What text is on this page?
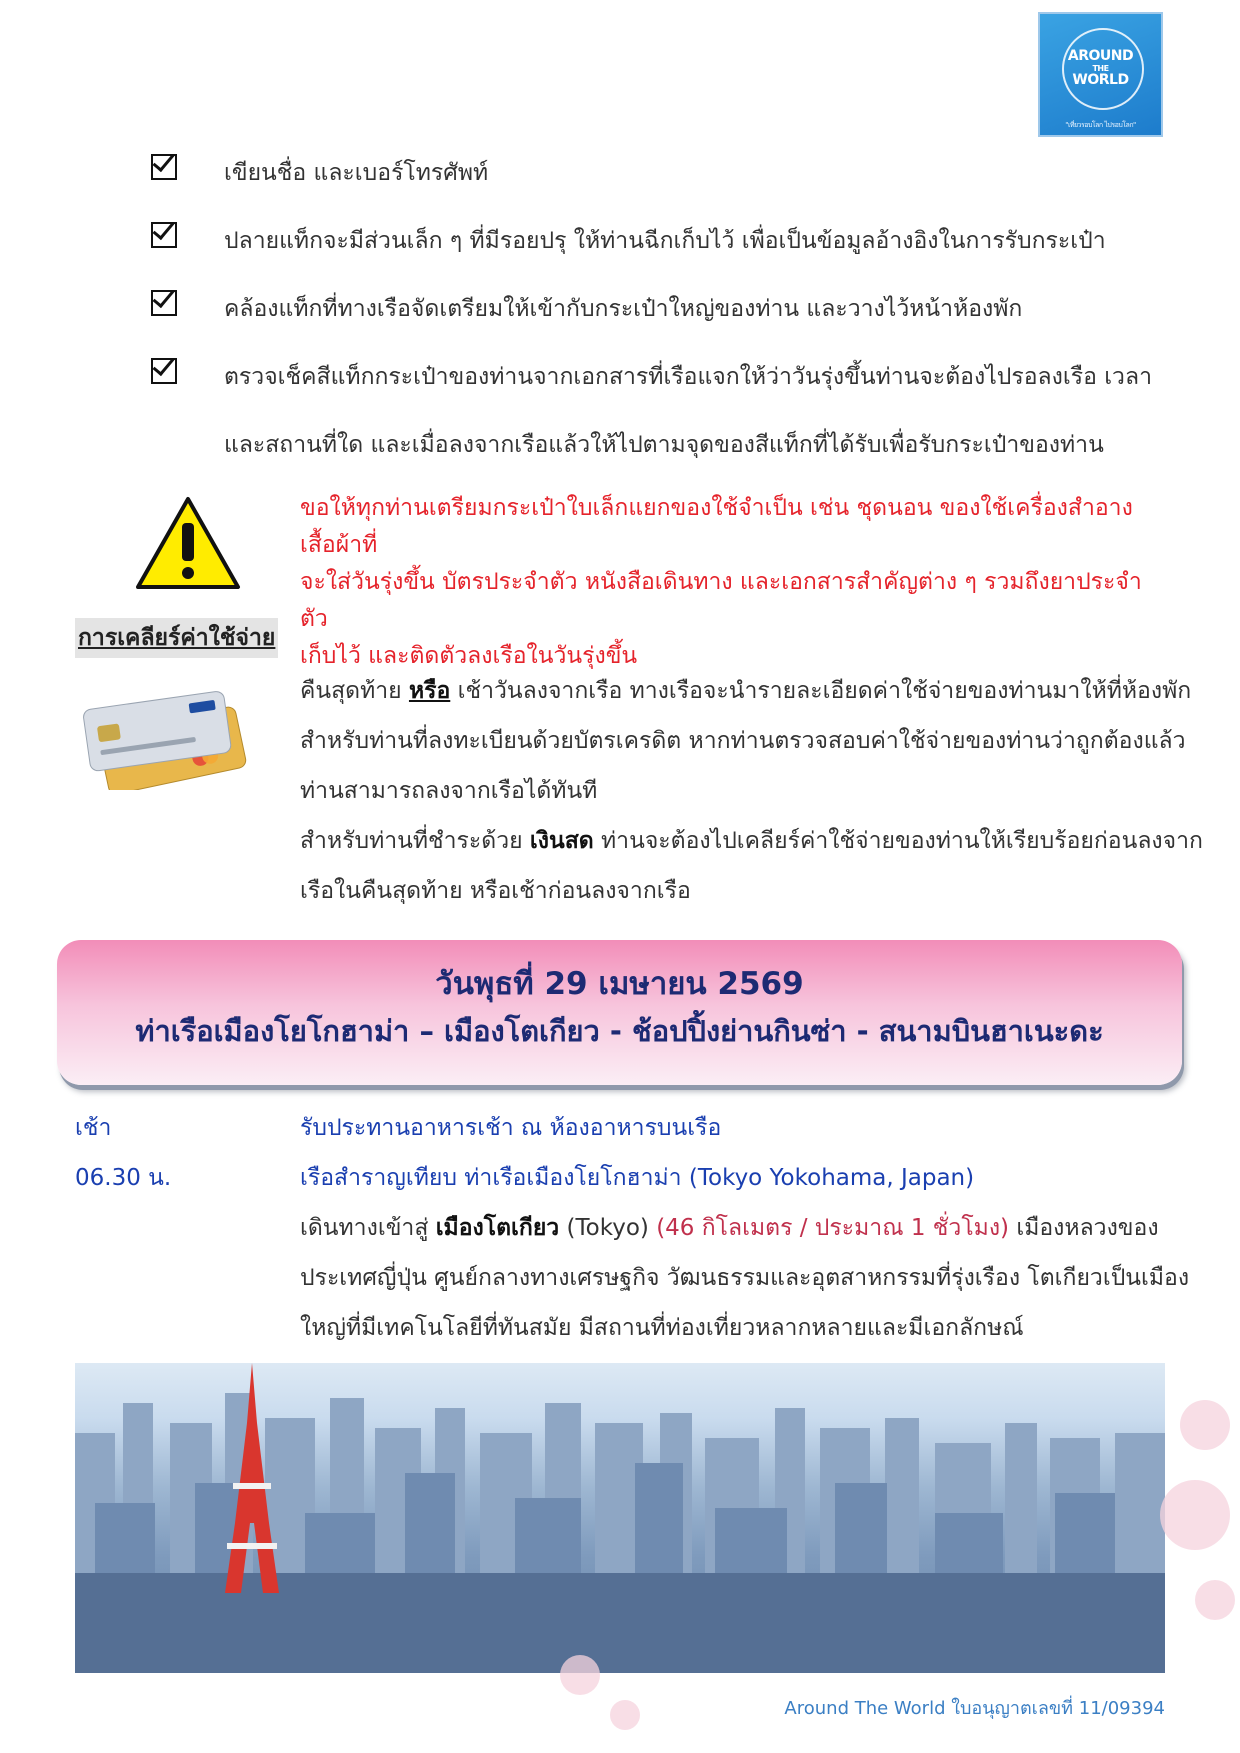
AROUND
THE
WORLD
"เที่ยวรอบโลก ไปรอบโลก"
เขียนชื่อ และเบอร์โทรศัพท์
ปลายแท็กจะมีส่วนเล็ก ๆ ที่มีรอยปรุ ให้ท่านฉีกเก็บไว้ เพื่อเป็นข้อมูลอ้างอิงในการรับกระเป๋า
คล้องแท็กที่ทางเรือจัดเตรียมให้เข้ากับกระเป๋าใหญ่ของท่าน และวางไว้หน้าห้องพัก
ตรวจเช็คสีแท็กกระเป๋าของท่านจากเอกสารที่เรือแจกให้ว่าวันรุ่งขึ้นท่านจะต้องไปรอลงเรือ เวลา
และสถานที่ใด และเมื่อลงจากเรือแล้วให้ไปตามจุดของสีแท็กที่ได้รับเพื่อรับกระเป๋าของท่าน
ขอให้ทุกท่านเตรียมกระเป๋าใบเล็กแยกของใช้จำเป็น เช่น ชุดนอน ของใช้เครื่องสำอาง เสื้อผ้าที่
จะใส่วันรุ่งขึ้น บัตรประจำตัว หนังสือเดินทาง และเอกสารสำคัญต่าง ๆ รวมถึงยาประจำตัว
เก็บไว้ และติดตัวลงเรือในวันรุ่งขึ้น
การเคลียร์ค่าใช้จ่าย
คืนสุดท้าย หรือ เช้าวันลงจากเรือ ทางเรือจะนำรายละเอียดค่าใช้จ่ายของท่านมาให้ที่ห้องพัก
สำหรับท่านที่ลงทะเบียนด้วยบัตรเครดิต หากท่านตรวจสอบค่าใช้จ่ายของท่านว่าถูกต้องแล้ว
ท่านสามารถลงจากเรือได้ทันที
สำหรับท่านที่ชำระด้วย เงินสด ท่านจะต้องไปเคลียร์ค่าใช้จ่ายของท่านให้เรียบร้อยก่อนลงจาก
เรือในคืนสุดท้าย หรือเช้าก่อนลงจากเรือ
วันพุธที่ 29 เมษายน 2569
ท่าเรือเมืองโยโกฮาม่า – เมืองโตเกียว - ช้อปปิ้งย่านกินซ่า - สนามบินฮาเนะดะ
เช้า	รับประทานอาหารเช้า ณ ห้องอาหารบนเรือ
06.30 น.	เรือสำราญเทียบ ท่าเรือเมืองโยโกฮาม่า (Tokyo Yokohama, Japan)
เดินทางเข้าสู่ เมืองโตเกียว (Tokyo) (46 กิโลเมตร / ประมาณ 1 ชั่วโมง) เมืองหลวงของ
ประเทศญี่ปุ่น ศูนย์กลางทางเศรษฐกิจ วัฒนธรรมและอุตสาหกรรมที่รุ่งเรือง โตเกียวเป็นเมือง
ใหญ่ที่มีเทคโนโลยีที่ทันสมัย มีสถานที่ท่องเที่ยวหลากหลายและมีเอกลักษณ์
Around The World ใบอนุญาตเลขที่ 11/09394
